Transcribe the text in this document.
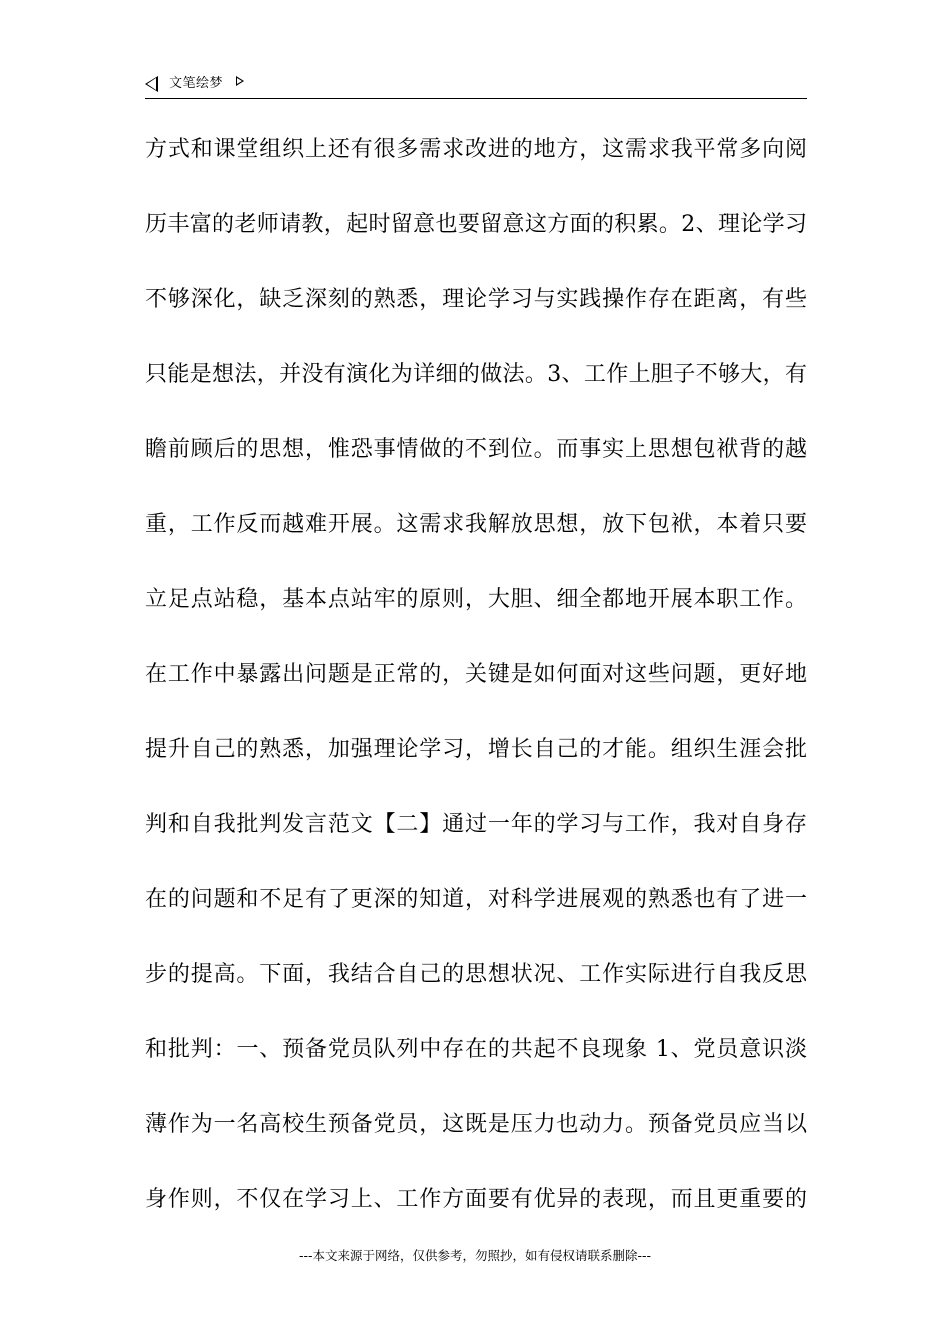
文笔绘梦
方式和课堂组织上还有很多需求改进的地方，这需求我平常多向阅
历丰富的老师请教，起时留意也要留意这方面的积累。2、理论学习
不够深化，缺乏深刻的熟悉，理论学习与实践操作存在距离，有些
只能是想法，并没有演化为详细的做法。3、工作上胆子不够大，有
瞻前顾后的思想，惟恐事情做的不到位。而事实上思想包袱背的越
重，工作反而越难开展。这需求我解放思想，放下包袱，本着只要
立足点站稳，基本点站牢的原则，大胆、细全都地开展本职工作。
在工作中暴露出问题是正常的，关键是如何面对这些问题，更好地
提升自己的熟悉，加强理论学习，增长自己的才能。组织生涯会批
判和自我批判发言范文【二】通过一年的学习与工作，我对自身存
在的问题和不足有了更深的知道，对科学进展观的熟悉也有了进一
步的提高。下面，我结合自己的思想状况、工作实际进行自我反思
和批判：一、预备党员队列中存在的共起不良现象 1、党员意识淡
薄作为一名高校生预备党员，这既是压力也动力。预备党员应当以
身作则，不仅在学习上、工作方面要有优异的表现，而且更重要的
---本文来源于网络，仅供参考，勿照抄，如有侵权请联系删除---
